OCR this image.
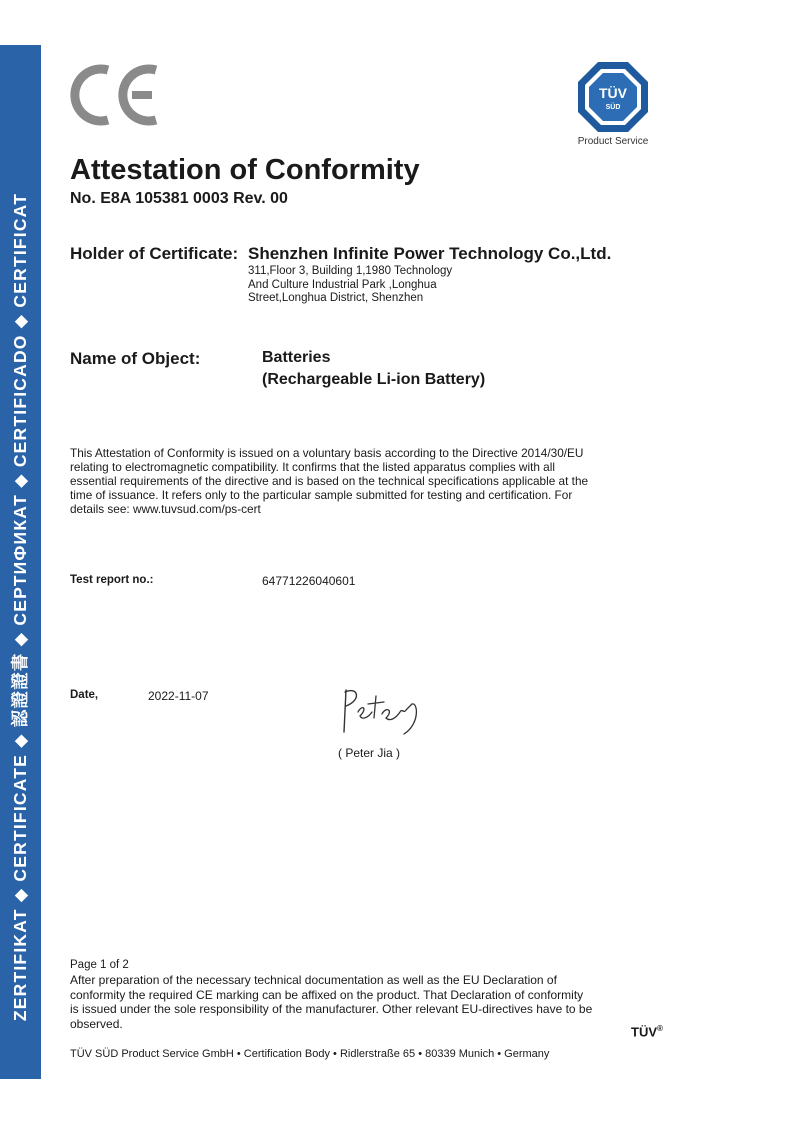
ZERTIFIKAT ◆ CERTIFICATE ◆ 認證證書 ◆ СЕРТИФИКАТ ◆ CERTIFICADO ◆ CERTIFICAT
TÜV
SÜD
Product Service
Attestation of Conformity
No. E8A 105381 0003 Rev. 00
Holder of Certificate: Shenzhen Infinite Power Technology Co.,Ltd.
311,Floor 3, Building 1,1980 Technology
And Culture Industrial Park ,Longhua
Street,Longhua District, Shenzhen
Name of Object:	Batteries
(Rechargeable Li-ion Battery)

This Attestation of Conformity is issued on a voluntary basis according to the Directive 2014/30/EU
relating to electromagnetic compatibility. It confirms that the listed apparatus complies with all
essential requirements of the directive and is based on the technical specifications applicable at the
time of issuance. It refers only to the particular sample submitted for testing and certification. For
details see: www.tuvsud.com/ps-cert

Test report no.:	64771226040601
Date,	2022-11-07
( Peter Jia )
Page 1 of 2

After preparation of the necessary technical documentation as well as the EU Declaration of
conformity the required CE marking can be affixed on the product. That Declaration of conformity
is issued under the sole responsibility of the manufacturer. Other relevant EU-directives have to be
observed.

TÜV®
TÜV SÜD Product Service GmbH • Certification Body • Ridlerstraße 65 • 80339 Munich • Germany
